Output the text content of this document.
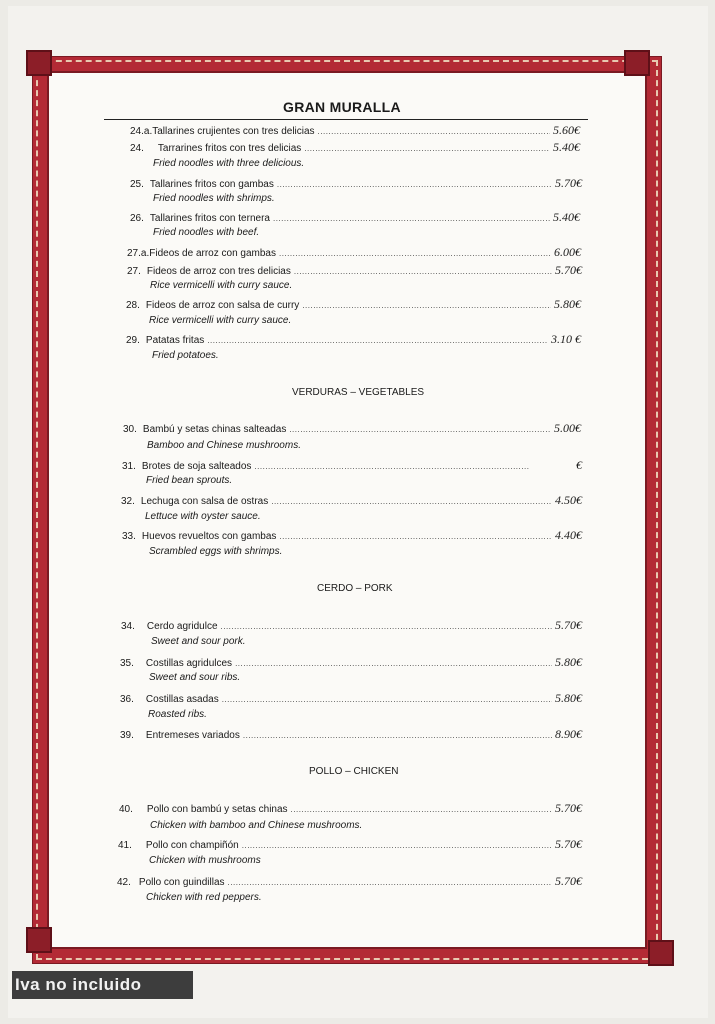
GRAN MURALLA
24.a. Tallarines crujientes con tres delicias .....	5.60€
24. Tarrarines fritos con tres delicias .....	5.40€
Fried noodles with three delicious.
25. Tallarines fritos con gambas .....	5.70€
Fried noodles with shrimps.
26. Tallarines fritos con ternera .....	5.40€
Fried noodles with beef.
27.a. Fideos de arroz con gambas .....	6.00€
27. Fideos de arroz con tres delicias .....	5.70€
Rice vermicelli with curry sauce.
28. Fideos de arroz con salsa de curry .....	5.80€
Rice vermicelli with curry sauce.
29. Patatas fritas .....	3.10 €
Fried potatoes.
VERDURAS – VEGETABLES
30. Bambú y setas chinas salteadas .....	5.00€
Bamboo and Chinese mushrooms.
31. Brotes de soja salteados .....	€
Fried bean sprouts.
32. Lechuga con salsa de ostras .....	4.50€
Lettuce with oyster sauce.
33. Huevos revueltos con gambas .....	4.40€
Scrambled eggs with shrimps.
CERDO – PORK
34. Cerdo agridulce .....	5.70€
Sweet and sour pork.
35. Costillas agridulces .....	5.80€
Sweet and sour ribs.
36. Costillas asadas .....	5.80€
Roasted ribs.
39. Entremeses variados .....	8.90€
POLLO – CHICKEN
40. Pollo con bambú y setas chinas .....	5.70€
Chicken with bamboo and Chinese mushrooms.
41. Pollo con champiñón .....	5.70€
Chicken with mushrooms
42. Pollo con guindillas .....	5.70€
Chicken with red peppers.
Iva no incluido
